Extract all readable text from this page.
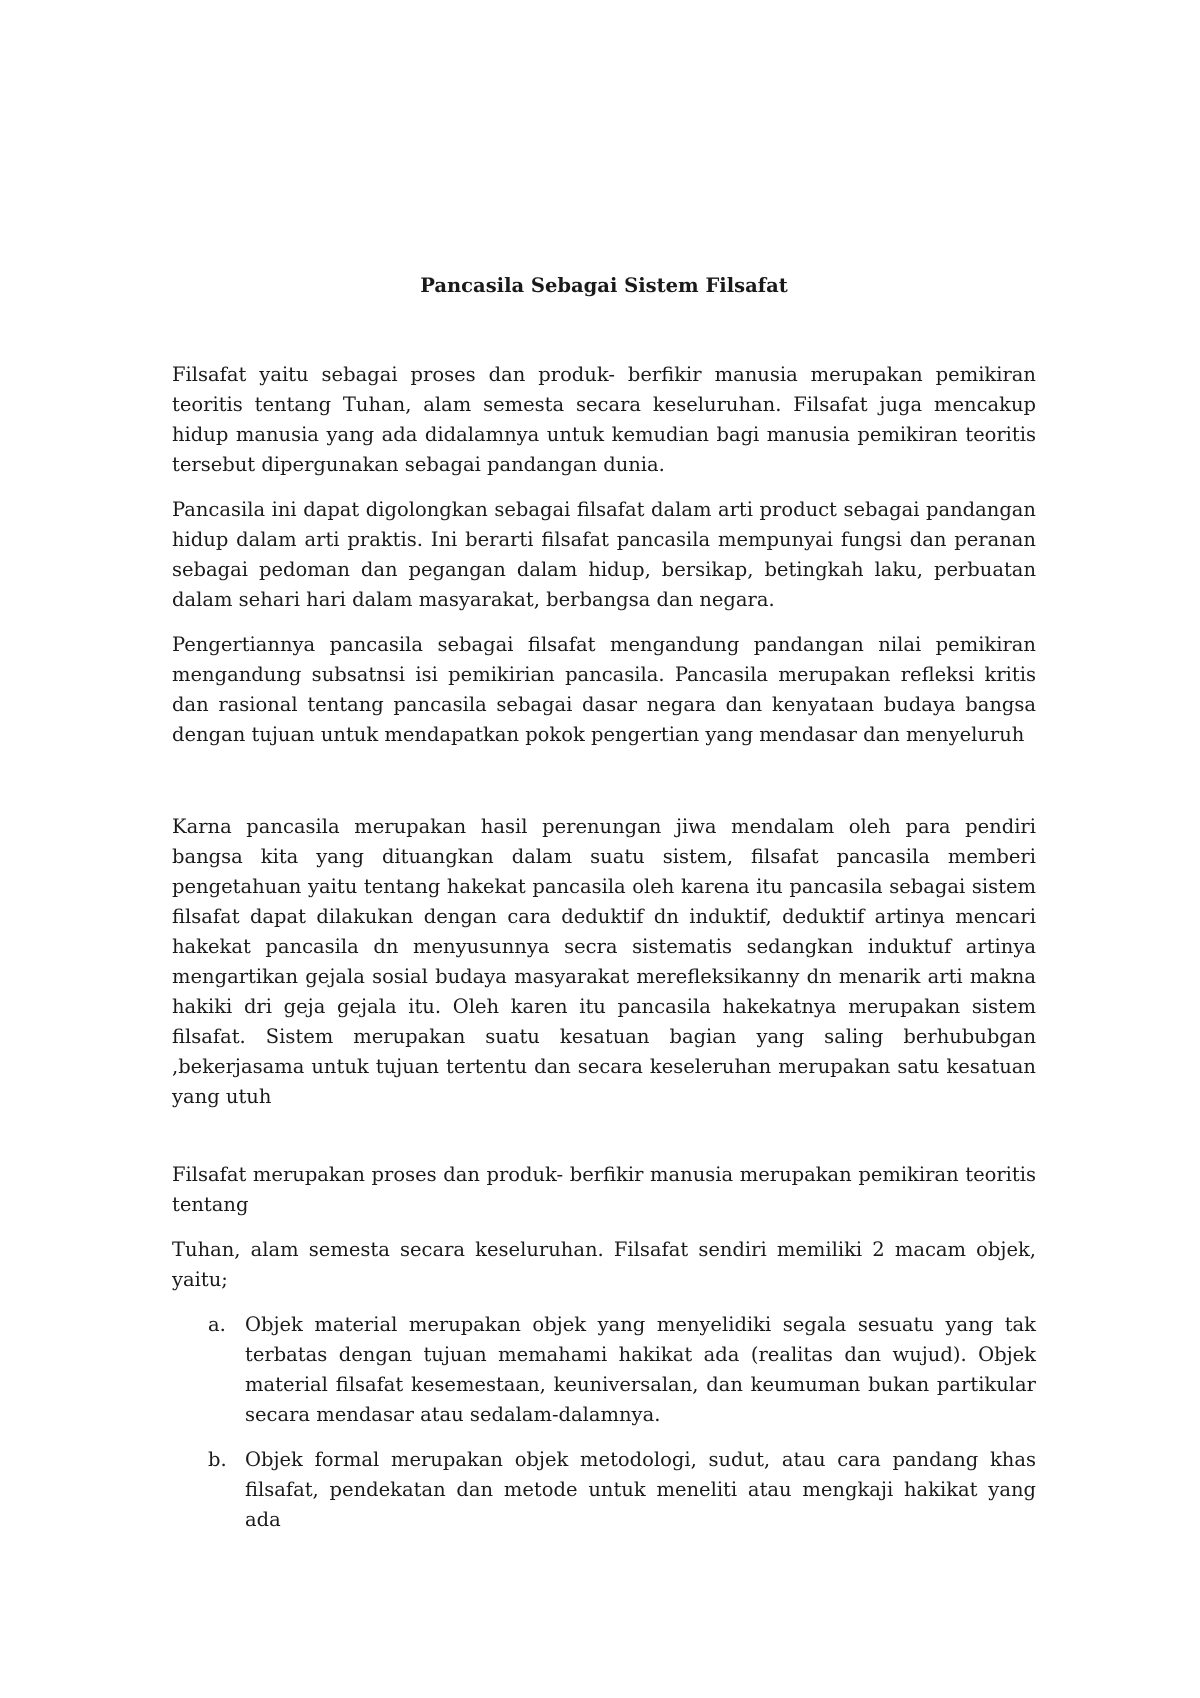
Pancasila Sebagai Sistem Filsafat

Filsafat yaitu sebagai proses dan produk- berfikir manusia merupakan pemikiran teoritis tentang Tuhan, alam semesta secara keseluruhan. Filsafat juga mencakup hidup manusia yang ada didalamnya untuk kemudian bagi manusia pemikiran teoritis tersebut dipergunakan sebagai pandangan dunia.

Pancasila ini dapat digolongkan sebagai filsafat dalam arti product sebagai pandangan hidup dalam arti praktis. Ini berarti filsafat pancasila mempunyai fungsi dan peranan sebagai pedoman dan pegangan dalam hidup, bersikap, betingkah laku, perbuatan dalam sehari hari dalam masyarakat, berbangsa dan negara.

Pengertiannya pancasila sebagai filsafat mengandung pandangan nilai pemikiran mengandung subsatnsi isi pemikirian pancasila. Pancasila merupakan refleksi kritis dan rasional tentang pancasila sebagai dasar negara dan kenyataan budaya bangsa dengan tujuan untuk mendapatkan pokok pengertian yang mendasar dan menyeluruh

Karna pancasila merupakan hasil perenungan jiwa mendalam oleh para pendiri bangsa kita yang dituangkan dalam suatu sistem, filsafat pancasila memberi pengetahuan yaitu tentang hakekat pancasila oleh karena itu pancasila sebagai sistem filsafat dapat dilakukan dengan cara deduktif dn induktif, deduktif artinya mencari hakekat pancasila dn menyusunnya secra sistematis sedangkan induktuf artinya mengartikan gejala sosial budaya masyarakat merefleksikanny dn menarik arti makna hakiki dri geja gejala itu. Oleh karen itu pancasila hakekatnya merupakan sistem filsafat. Sistem merupakan suatu kesatuan bagian yang saling berhububgan ,bekerjasama untuk tujuan tertentu dan secara keseleruhan merupakan satu kesatuan yang utuh

Filsafat merupakan proses dan produk- berfikir manusia merupakan pemikiran teoritis tentang

Tuhan, alam semesta secara keseluruhan. Filsafat sendiri memiliki 2 macam objek, yaitu;

a. Objek material merupakan objek yang menyelidiki segala sesuatu yang tak terbatas dengan tujuan memahami hakikat ada (realitas dan wujud). Objek material filsafat kesemestaan, keuniversalan, dan keumuman bukan partikular secara mendasar atau sedalam-dalamnya.
b. Objek formal merupakan objek metodologi, sudut, atau cara pandang khas filsafat, pendekatan dan metode untuk meneliti atau mengkaji hakikat yang ada
